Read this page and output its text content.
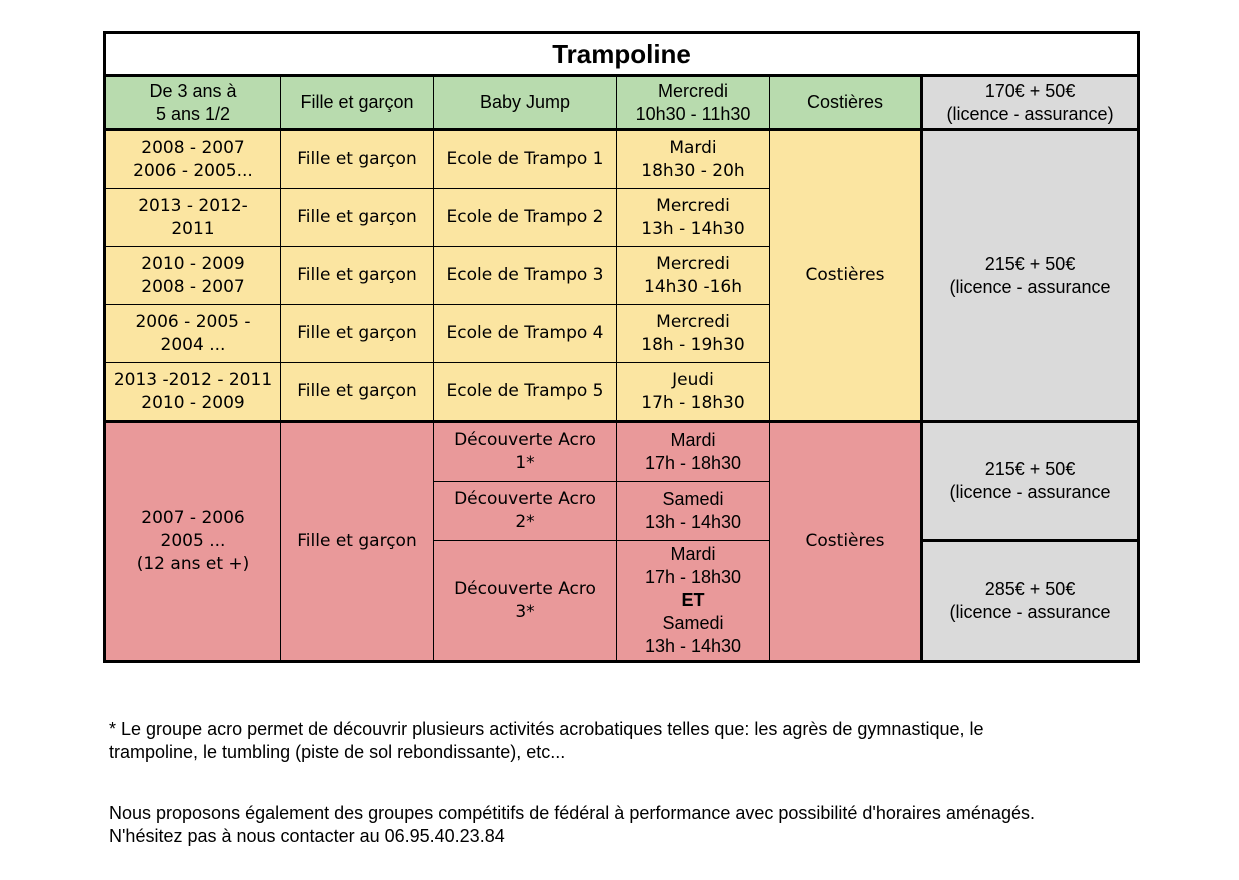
Trampoline					

De 3 ans à
5 ans 1/2	Fille et garçon	Baby Jump	Mercredi
10h30 - 11h30	Costières	170€ + 50€
(licence - assurance)

2008 - 2007
2006 - 2005...	Fille et garçon	Ecole de Trampo 1	Mardi
18h30 - 20h	Costières	215€ + 50€
(licence - assurance

2013 - 2012-
2011	Fille et garçon	Ecole de Trampo 2	Mercredi
13h - 14h30		

2010 - 2009
2008 - 2007	Fille et garçon	Ecole de Trampo 3	Mercredi
14h30 -16h		

2006 - 2005 -
2004 ...	Fille et garçon	Ecole de Trampo 4	Mercredi
18h - 19h30		

2013 -2012 - 2011
2010 - 2009	Fille et garçon	Ecole de Trampo 5	Jeudi
17h - 18h30		

2007 - 2006
2005 ...
(12 ans et +)	Fille et garçon	Découverte Acro
1*	Mardi
17h - 18h30	Costières	215€ + 50€
(licence - assurance

		Découverte Acro
2*	Samedi
13h - 14h30		

		Découverte Acro
3*	Mardi
17h - 18h30
ET
Samedi
13h - 14h30		285€ + 50€
(licence - assurance
* Le groupe acro permet de découvrir plusieurs activités acrobatiques telles que: les agrès de gymnastique, le
trampoline, le tumbling (piste de sol rebondissante), etc...
Nous proposons également des groupes compétitifs de fédéral à performance avec possibilité d'horaires aménagés.
N'hésitez pas à nous contacter au 06.95.40.23.84
